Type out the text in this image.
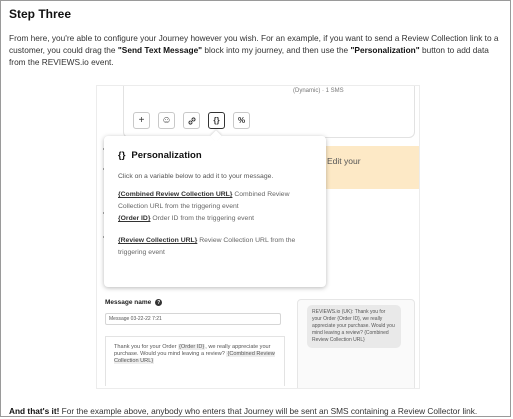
Step Three
From here, you're able to configure your Journey however you wish. For an example, if you want to send a Review Collection link to a customer, you could drag the "Send Text Message" block into my journey, and then use the "Personalization" button to add data from the REVIEWS.io event.
(Dynamic) · 1 SMS
+ ☺	{} %
Edit your
{} Personalization
Click on a variable below to add it to your message.
{Combined Review Collection URL} Combined Review Collection URL from the triggering event
{Order ID} Order ID from the triggering event
{Review Collection URL} Review Collection URL from the triggering event
Message name	?
Message 03-22-22 7:21
Thank you for your Order {Order ID}, we really appreciate your purchase. Would you mind leaving a review? {Combined Review Collection URL}
REVIEWS.io (UK): Thank you for your Order {Order ID}, we really appreciate your purchase. Would you mind leaving a review? {Combined Review Collection URL}
And that's it! For the example above, anybody who enters that Journey will be sent an SMS containing a Review Collector link.
